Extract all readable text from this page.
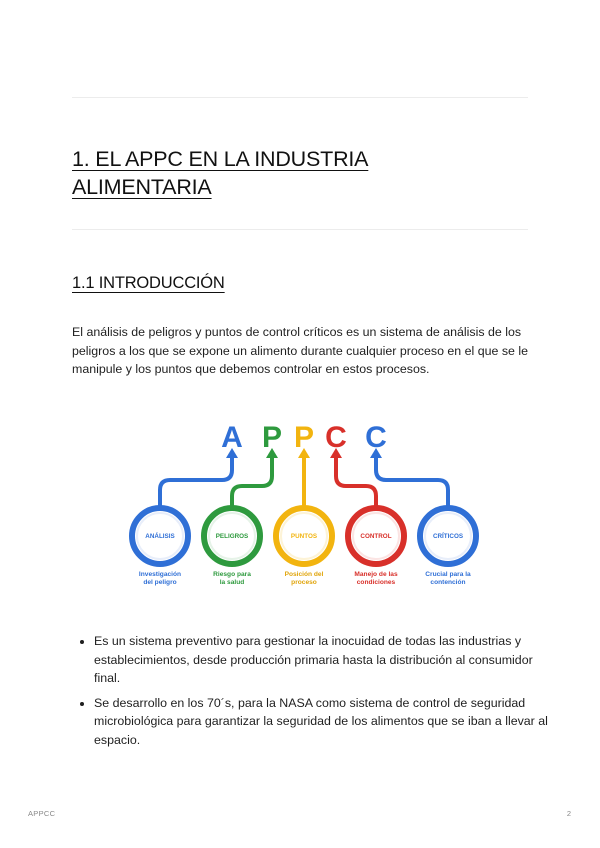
1. EL APPC EN LA INDUSTRIA
ALIMENTARIA
1.1 INTRODUCCIÓN
El análisis de peligros y puntos de control críticos es un sistema de análisis de los peligros a los que se expone un alimento durante cualquier proceso en el que se le manipule y los puntos que debemos controlar en estos procesos.
A P P C C
ANÁLISIS	PELIGROS	PUNTOS	CONTROL	CRÍTICOS
Investigación
del peligro
Riesgo para
la salud
Posición del
proceso
Manejo de las
condiciones
Crucial para la
contención
• Es un sistema preventivo para gestionar la inocuidad de todas las industrias y establecimientos, desde producción primaria hasta la distribución al consumidor final.
• Se desarrollo en los 70´s, para la NASA como sistema de control de seguridad microbiológica para garantizar la seguridad de los alimentos que se iban a llevar al espacio.
APPCC	2
